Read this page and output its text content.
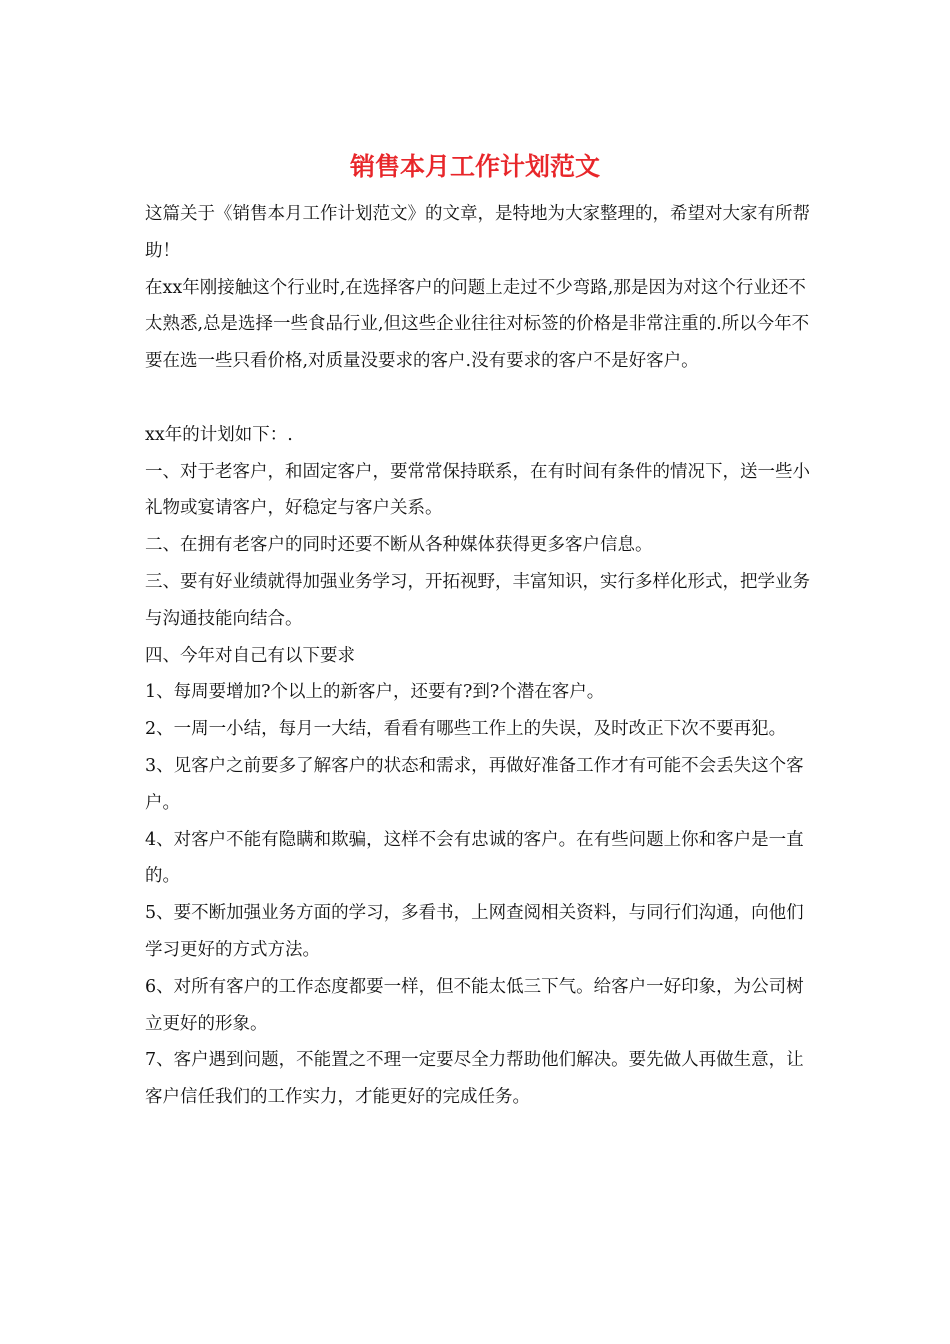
销售本月工作计划范文

这篇关于《销售本月工作计划范文》的文章，是特地为大家整理的，希望对大家有所帮助！

在xx年刚接触这个行业时,在选择客户的问题上走过不少弯路,那是因为对这个行业还不太熟悉,总是选择一些食品行业,但这些企业往往对标签的价格是非常注重的.所以今年不要在选一些只看价格,对质量没要求的客户.没有要求的客户不是好客户。

xx年的计划如下：.

一、对于老客户，和固定客户，要常常保持联系，在有时间有条件的情况下，送一些小礼物或宴请客户，好稳定与客户关系。

二、在拥有老客户的同时还要不断从各种媒体获得更多客户信息。

三、要有好业绩就得加强业务学习，开拓视野，丰富知识，实行多样化形式，把学业务与沟通技能向结合。

四、今年对自己有以下要求

1、每周要增加?个以上的新客户，还要有?到?个潜在客户。

2、一周一小结，每月一大结，看看有哪些工作上的失误，及时改正下次不要再犯。

3、见客户之前要多了解客户的状态和需求，再做好准备工作才有可能不会丢失这个客户。

4、对客户不能有隐瞒和欺骗，这样不会有忠诚的客户。在有些问题上你和客户是一直的。

5、要不断加强业务方面的学习，多看书，上网查阅相关资料，与同行们沟通，向他们学习更好的方式方法。

6、对所有客户的工作态度都要一样，但不能太低三下气。给客户一好印象，为公司树立更好的形象。

7、客户遇到问题，不能置之不理一定要尽全力帮助他们解决。要先做人再做生意，让客户信任我们的工作实力，才能更好的完成任务。
